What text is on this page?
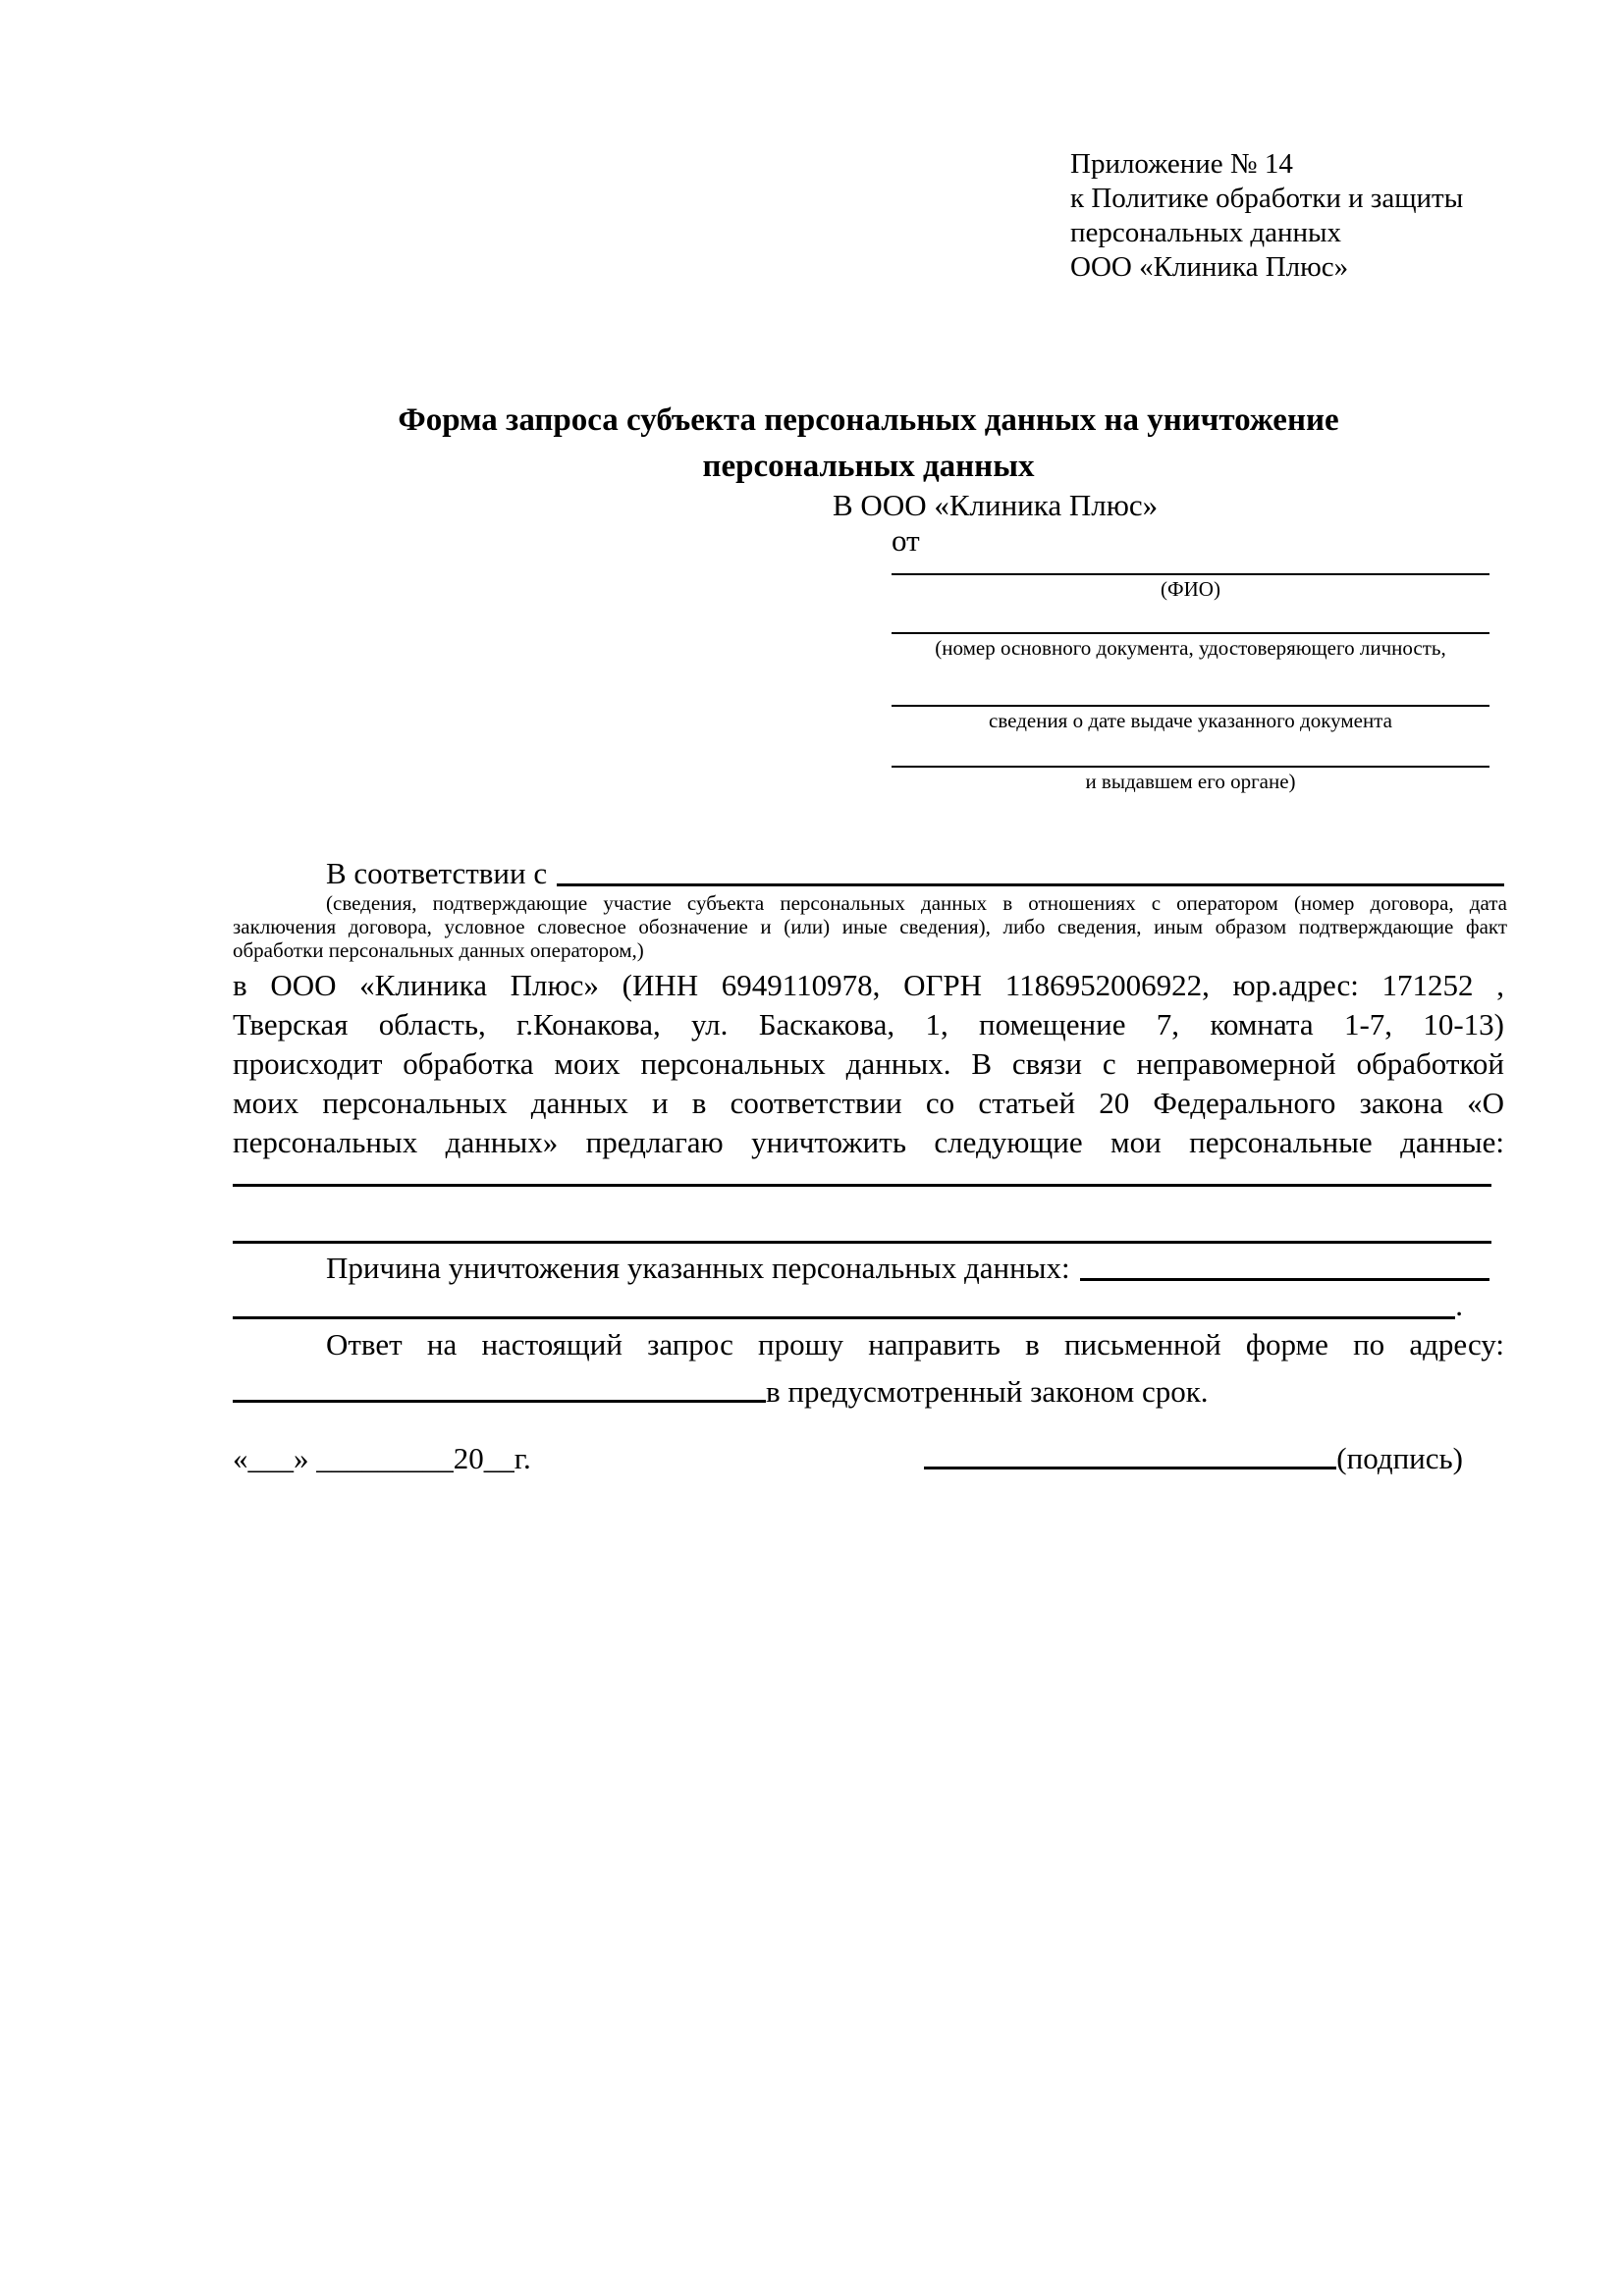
Приложение № 14
к Политике обработки и защиты
персональных данных
ООО «Клиника Плюс»
Форма запроса субъекта персональных данных на уничтожение
персональных данных
В ООО «Клиника Плюс»
от
(ФИО)
(номер основного документа, удостоверяющего личность,
сведения о дате выдаче указанного документа
и выдавшем его органе)
В соответствии с
(сведения, подтверждающие участие субъекта персональных данных в отношениях с оператором (номер договора, дата
заключения договора, условное словесное обозначение и (или) иные сведения), либо сведения, иным образом подтверждающие факт
обработки персональных данных оператором,)
в ООО «Клиника Плюс» (ИНН 6949110978, ОГРН 1186952006922, юр.адрес: 171252 ,
Тверская область, г.Конакова, ул. Баскакова, 1, помещение 7, комната 1-7, 10-13)
происходит обработка моих персональных данных. В связи с неправомерной обработкой
моих персональных данных и в соответствии со статьей 20 Федерального закона «О
персональных данных» предлагаю уничтожить следующие мои персональные данные:
Причина уничтожения указанных персональных данных:
.
Ответ на настоящий запрос прошу направить в письменной форме по адресу:
в предусмотренный законом срок.
«___» _________20__г.	(подпись)
